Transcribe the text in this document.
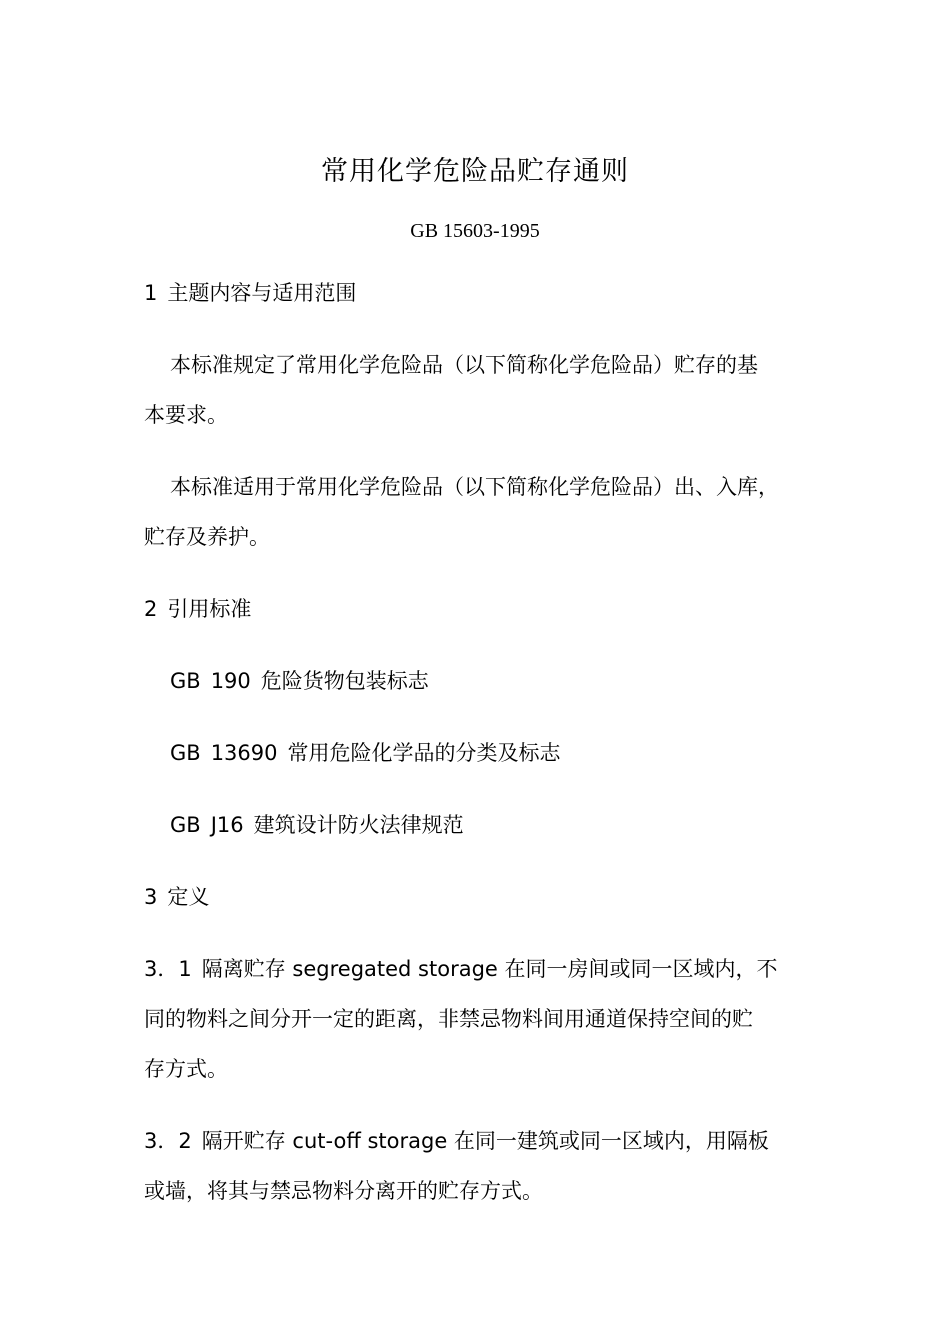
常用化学危险品贮存通则
GB 15603-1995
1 主题内容与适用范围
本标准规定了常用化学危险品（以下简称化学危险品）贮存的基
本要求。
本标准适用于常用化学危险品（以下简称化学危险品）出、入库，
贮存及养护。
2 引用标准
GB 190 危险货物包装标志
GB 13690 常用危险化学品的分类及标志
GB J16 建筑设计防火法律规范
3 定义
3．1 隔离贮存 segregated storage 在同一房间或同一区域内，不
同的物料之间分开一定的距离，非禁忌物料间用通道保持空间的贮
存方式。
3．2 隔开贮存 cut-off storage 在同一建筑或同一区域内，用隔板
或墙，将其与禁忌物料分离开的贮存方式。
